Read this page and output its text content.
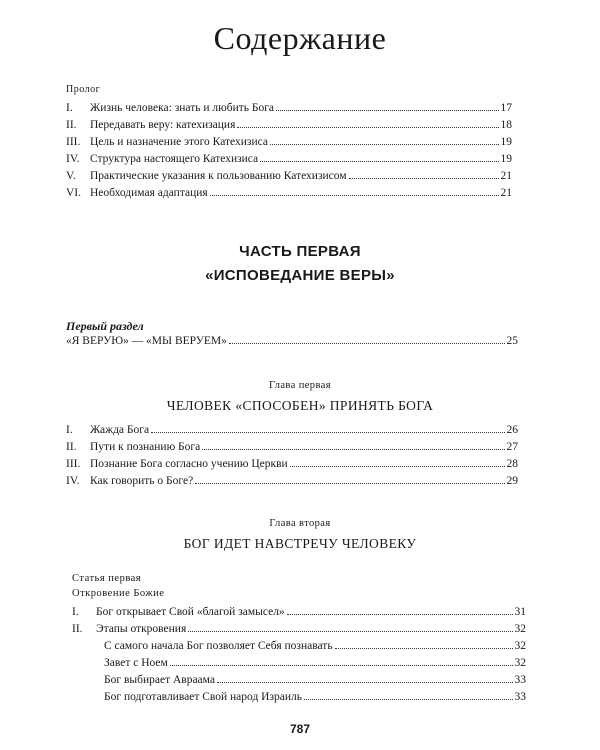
Содержание
Пролог
I.	Жизнь человека: знать и любить Бога	17
II.	Передавать веру: катехизация	18
III. Цель и назначение этого Катехизиса	19
IV. Структура настоящего Катехизиса	19
V.	Практические указания к пользованию Катехизисом	21
VI. Необходимая адаптация	21
ЧАСТЬ ПЕРВАЯ
«ИСПОВЕДАНИЕ ВЕРЫ»
Первый раздел
«Я ВЕРУЮ» — «МЫ ВЕРУЕМ»	25
Глава первая
ЧЕЛОВЕК «СПОСОБЕН» ПРИНЯТЬ БОГА
I.	Жажда Бога	26
II.	Пути к познанию Бога	27
III. Познание Бога согласно учению Церкви	28
IV. Как говорить о Боге?	29
Глава вторая
БОГ ИДЕТ НАВСТРЕЧУ ЧЕЛОВЕКУ
Статья первая
Откровение Божие
I.	Бог открывает Свой «благой замысел»	31
II.	Этапы откровения	32
С самого начала Бог позволяет Себя познавать	32
Завет с Ноем	32
Бог выбирает Авраама	33
Бог подготавливает Свой народ Израиль	33
787
